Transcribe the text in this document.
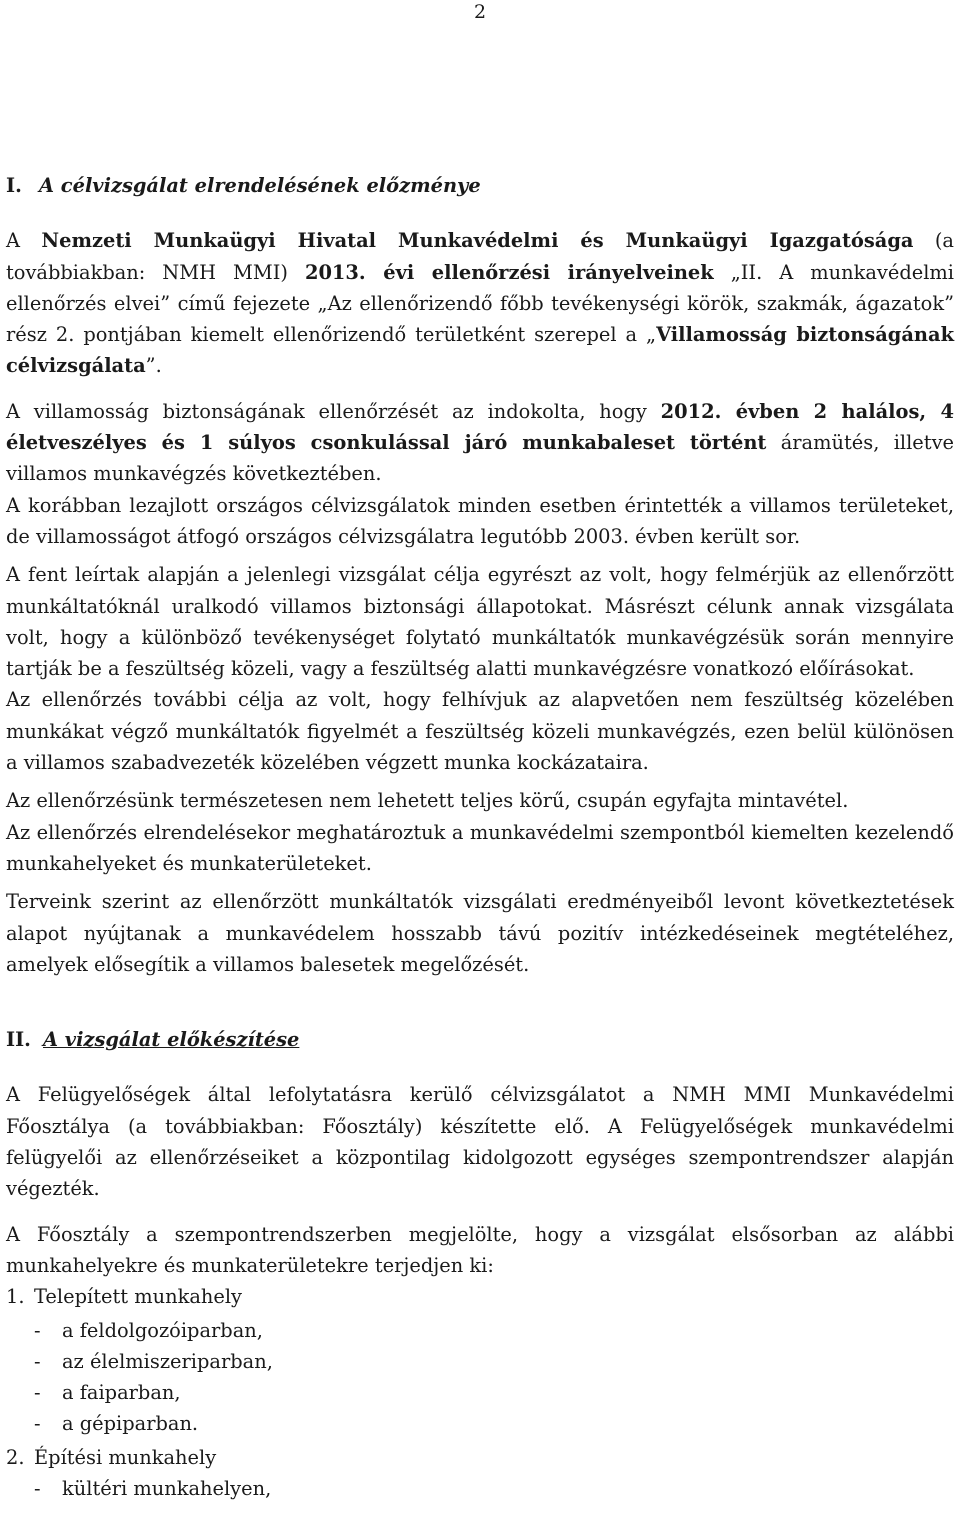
2
I. A célvizsgálat elrendelésének előzménye

A Nemzeti Munkaügyi Hivatal Munkavédelmi és Munkaügyi Igazgatósága (a továbbiakban: NMH MMI) 2013. évi ellenőrzési irányelveinek „II. A munkavédelmi ellenőrzés elvei” című fejezete „Az ellenőrizendő főbb tevékenységi körök, szakmák, ágazatok” rész 2. pontjában kiemelt ellenőrizendő területként szerepel a „Villamosság biztonságának célvizsgálata”.

A villamosság biztonságának ellenőrzését az indokolta, hogy 2012. évben 2 halálos, 4 életveszélyes és 1 súlyos csonkulással járó munkabaleset történt áramütés, illetve villamos munkavégzés következtében.

A korábban lezajlott országos célvizsgálatok minden esetben érintették a villamos területeket, de villamosságot átfogó országos célvizsgálatra legutóbb 2003. évben került sor.

A fent leírtak alapján a jelenlegi vizsgálat célja egyrészt az volt, hogy felmérjük az ellenőrzött munkáltatóknál uralkodó villamos biztonsági állapotokat. Másrészt célunk annak vizsgálata volt, hogy a különböző tevékenységet folytató munkáltatók munkavégzésük során mennyire tartják be a feszültség közeli, vagy a feszültség alatti munkavégzésre vonatkozó előírásokat.

Az ellenőrzés további célja az volt, hogy felhívjuk az alapvetően nem feszültség közelében munkákat végző munkáltatók figyelmét a feszültség közeli munkavégzés, ezen belül különösen a villamos szabadvezeték közelében végzett munka kockázataira.

Az ellenőrzésünk természetesen nem lehetett teljes körű, csupán egyfajta mintavétel.

Az ellenőrzés elrendelésekor meghatároztuk a munkavédelmi szempontból kiemelten kezelendő munkahelyeket és munkaterületeket.

Terveink szerint az ellenőrzött munkáltatók vizsgálati eredményeiből levont következtetések alapot nyújtanak a munkavédelem hosszabb távú pozitív intézkedéseinek megtételéhez, amelyek elősegítik a villamos balesetek megelőzését.

II. A vizsgálat előkészítése

A Felügyelőségek által lefolytatásra kerülő célvizsgálatot a NMH MMI Munkavédelmi Főosztálya (a továbbiakban: Főosztály) készítette elő. A Felügyelőségek munkavédelmi felügyelői az ellenőrzéseiket a központilag kidolgozott egységes szempontrendszer alapján végezték.

A Főosztály a szempontrendszerben megjelölte, hogy a vizsgálat elsősorban az alábbi munkahelyekre és munkaterületekre terjedjen ki:

1. Telepített munkahely
- a feldolgozóiparban,
- az élelmiszeriparban,
- a faiparban,
- a gépiparban.
2. Építési munkahely
- kültéri munkahelyen,
